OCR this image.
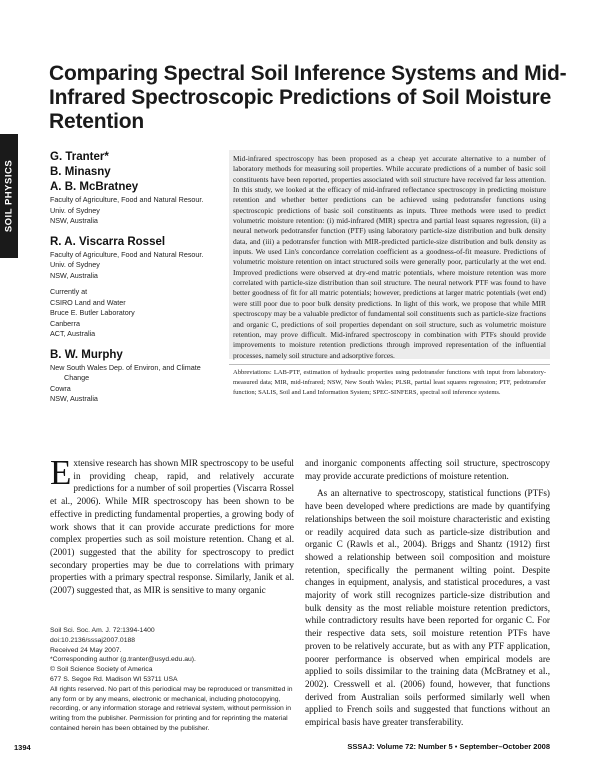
SOIL PHYSICS
Comparing Spectral Soil Inference Systems and Mid-Infrared Spectroscopic Predictions of Soil Moisture Retention
G. Tranter*
B. Minasny
A. B. McBratney
Faculty of Agriculture, Food and Natural Resour.
Univ. of Sydney
NSW, Australia
R. A. Viscarra Rossel
Faculty of Agriculture, Food and Natural Resour.
Univ. of Sydney
NSW, Australia
Currently at
CSIRO Land and Water
Bruce E. Butler Laboratory
Canberra
ACT, Australia
B. W. Murphy
New South Wales Dep. of Environ, and Climate
Change
Cowra
NSW, Australia

Mid-infrared spectroscopy has been proposed as a cheap yet accurate alternative to a number of laboratory methods for measuring soil properties. While accurate predictions of a number of basic soil constituents have been reported, properties associated with soil structure have received far less attention. In this study, we looked at the efficacy of mid-infrared reflectance spectroscopy in predicting moisture retention and whether better predictions can be achieved using pedotransfer functions using spectroscopic predictions of basic soil constituents as inputs. Three methods were used to predict volumetric moisture retention: (i) mid-infrared (MIR) spectra and partial least squares regression, (ii) a neural network pedotransfer function (PTF) using laboratory particle-size distribution and bulk density data, and (iii) a pedotransfer function with MIR-predicted particle-size distribution and bulk density as inputs. We used Lin's concordance correlation coefficient as a goodness-of-fit measure. Predictions of volumetric moisture retention on intact structured soils were generally poor, particularly at the wet end. Improved predictions were observed at dry-end matric potentials, where moisture retention was more correlated with particle-size distribution than soil structure. The neural network PTF was found to have better goodness of fit for all matric potentials; however, predictions at larger matric potentials (wet end) were still poor due to poor bulk density predictions. In light of this work, we propose that while MIR spectroscopy may be a valuable predictor of fundamental soil constituents such as particle-size fractions and organic C, predictions of soil properties dependant on soil structure, such as volumetric moisture retention, may prove difficult. Mid-infrared spectroscopy in combination with PTFs should provide improvements to moisture retention predictions through improved representation of the influential processes, namely soil structure and adsorptive forces.

Abbreviations: LAB-PTF, estimation of hydraulic properties using pedotransfer functions with input from laboratory-measured data; MIR, mid-infrared; NSW, New South Wales; PLSR, partial least squares regression; PTF, pedotransfer function; SALIS, Soil and Land Information System; SPEC-SINFERS, spectral soil inference systems.

Extensive research has shown MIR spectroscopy to be useful in providing cheap, rapid, and relatively accurate predictions for a number of soil properties (Viscarra Rossel et al., 2006). While MIR spectroscopy has been shown to be effective in predicting fundamental properties, a growing body of work shows that it can provide accurate predictions for more complex properties such as soil moisture retention. Chang et al. (2001) suggested that the ability for spectroscopy to predict secondary properties may be due to correlations with primary properties with a primary spectral response. Similarly, Janik et al. (2007) suggested that, as MIR is sensitive to many organic
Soil Sci. Soc. Am. J. 72:1394-1400
doi:10.2136/sssaj2007.0188
Received 24 May 2007.
*Corresponding author (g.tranter@usyd.edu.au).
© Soil Science Society of America
677 S. Segoe Rd. Madison WI 53711 USA
All rights reserved. No part of this periodical may be reproduced or transmitted in any form or by any means, electronic or mechanical, including photocopying, recording, or any information storage and retrieval system, without permission in writing from the publisher. Permission for printing and for reprinting the material contained herein has been obtained by the publisher.

and inorganic components affecting soil structure, spectroscopy may provide accurate predictions of moisture retention.

As an alternative to spectroscopy, statistical functions (PTFs) have been developed where predictions are made by quantifying relationships between the soil moisture characteristic and existing or readily acquired data such as particle-size distribution and organic C (Rawls et al., 2004). Briggs and Shantz (1912) first showed a relationship between soil composition and moisture retention, specifically the permanent wilting point. Despite changes in equipment, analysis, and statistical procedures, a vast majority of work still recognizes particle-size distribution and bulk density as the most reliable moisture retention predictors, while contradictory results have been reported for organic C. For their respective data sets, soil moisture retention PTFs have proven to be relatively accurate, but as with any PTF application, poorer performance is observed when empirical models are applied to soils dissimilar to the training data (McBratney et al., 2002). Cresswell et al. (2006) found, however, that functions derived from Australian soils performed similarly well when applied to French soils and suggested that functions without an empirical basis have greater transferability.

1394	SSSAJ: Volume 72: Number 5 • September–October 2008
